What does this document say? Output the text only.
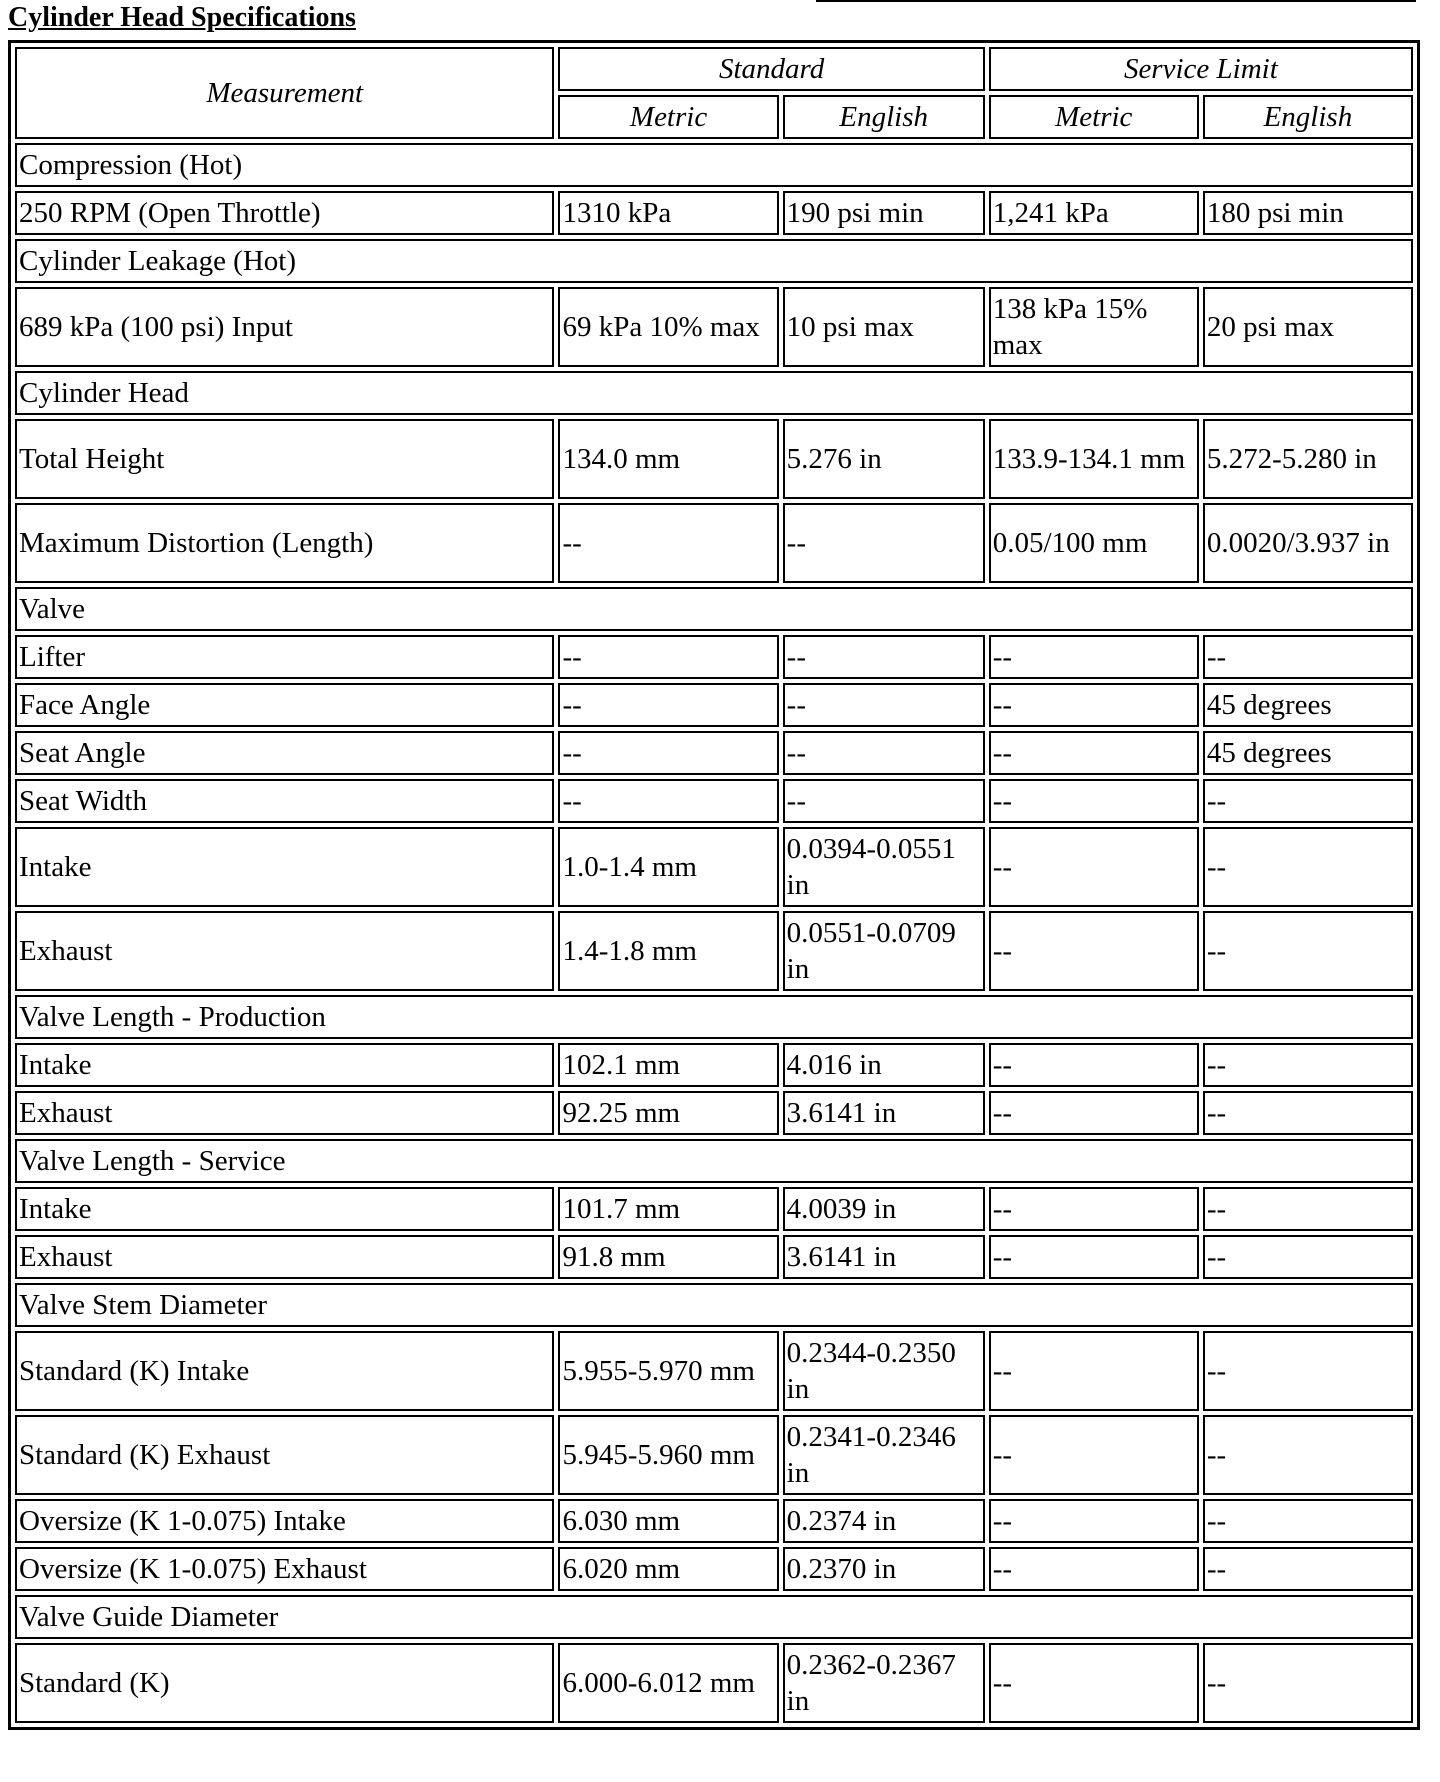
Cylinder Head Specifications
Measurement	Standard		Service Limit	
	Metric	English	Metric	English
Compression (Hot)				
250 RPM (Open Throttle)	1310 kPa	190 psi min	1,241 kPa	180 psi min
Cylinder Leakage (Hot)				
689 kPa (100 psi) Input	69 kPa 10% max	10 psi max	138 kPa 15% max	20 psi max
Cylinder Head				
Total Height	134.0 mm	5.276 in	133.9-134.1 mm	5.272-5.280 in
Maximum Distortion (Length)	--	--	0.05/100 mm	0.0020/3.937 in
Valve				
Lifter	--	--	--	--
Face Angle	--	--	--	45 degrees
Seat Angle	--	--	--	45 degrees
Seat Width	--	--	--	--
Intake	1.0-1.4 mm	0.0394-0.0551 in	--	--
Exhaust	1.4-1.8 mm	0.0551-0.0709 in	--	--
Valve Length - Production				
Intake	102.1 mm	4.016 in	--	--
Exhaust	92.25 mm	3.6141 in	--	--
Valve Length - Service				
Intake	101.7 mm	4.0039 in	--	--
Exhaust	91.8 mm	3.6141 in	--	--
Valve Stem Diameter				
Standard (K) Intake	5.955-5.970 mm	0.2344-0.2350 in	--	--
Standard (K) Exhaust	5.945-5.960 mm	0.2341-0.2346 in	--	--
Oversize (K 1-0.075) Intake	6.030 mm	0.2374 in	--	--
Oversize (K 1-0.075) Exhaust	6.020 mm	0.2370 in	--	--
Valve Guide Diameter				
Standard (K)	6.000-6.012 mm	0.2362-0.2367 in	--	--
